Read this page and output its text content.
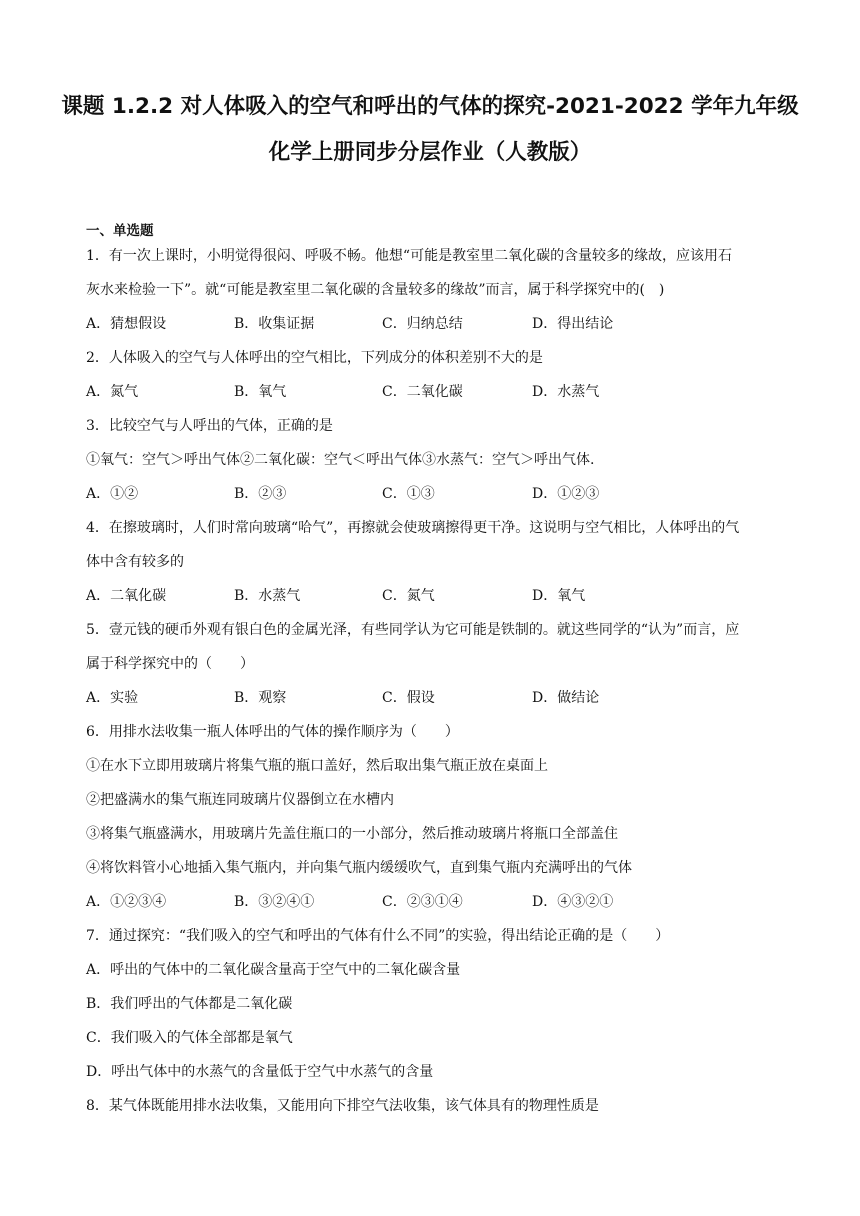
课题 1.2.2 对人体吸入的空气和呼出的气体的探究-2021-2022 学年九年级
化学上册同步分层作业（人教版）
一、单选题
1．有一次上课时，小明觉得很闷、呼吸不畅。他想“可能是教室里二氧化碳的含量较多的缘故，应该用石
灰水来检验一下”。就“可能是教室里二氧化碳的含量较多的缘故”而言，属于科学探究中的(　)
A．猜想假设	B．收集证据	C．归纳总结	D．得出结论
2．人体吸入的空气与人体呼出的空气相比，下列成分的体积差别不大的是
A．氮气	B．氧气	C．二氧化碳	D．水蒸气
3．比较空气与人呼出的气体，正确的是
①氧气：空气＞呼出气体②二氧化碳：空气＜呼出气体③水蒸气：空气＞呼出气体.
A．①②	B．②③	C．①③	D．①②③
4．在擦玻璃时，人们时常向玻璃“哈气”，再擦就会使玻璃擦得更干净。这说明与空气相比，人体呼出的气
体中含有较多的
A．二氧化碳	B．水蒸气	C．氮气	D．氧气
5．壹元钱的硬币外观有银白色的金属光泽，有些同学认为它可能是铁制的。就这些同学的“认为”而言，应
属于科学探究中的（　　）
A．实验	B．观察	C．假设	D．做结论
6．用排水法收集一瓶人体呼出的气体的操作顺序为（　　）
①在水下立即用玻璃片将集气瓶的瓶口盖好，然后取出集气瓶正放在桌面上
②把盛满水的集气瓶连同玻璃片仪器倒立在水槽内
③将集气瓶盛满水，用玻璃片先盖住瓶口的一小部分，然后推动玻璃片将瓶口全部盖住
④将饮料管小心地插入集气瓶内，并向集气瓶内缓缓吹气，直到集气瓶内充满呼出的气体
A．①②③④	B．③②④①	C．②③①④	D．④③②①
7．通过探究：“我们吸入的空气和呼出的气体有什么不同”的实验，得出结论正确的是（　　）
A．呼出的气体中的二氧化碳含量高于空气中的二氧化碳含量
B．我们呼出的气体都是二氧化碳
C．我们吸入的气体全部都是氧气
D．呼出气体中的水蒸气的含量低于空气中水蒸气的含量
8．某气体既能用排水法收集，又能用向下排空气法收集，该气体具有的物理性质是
